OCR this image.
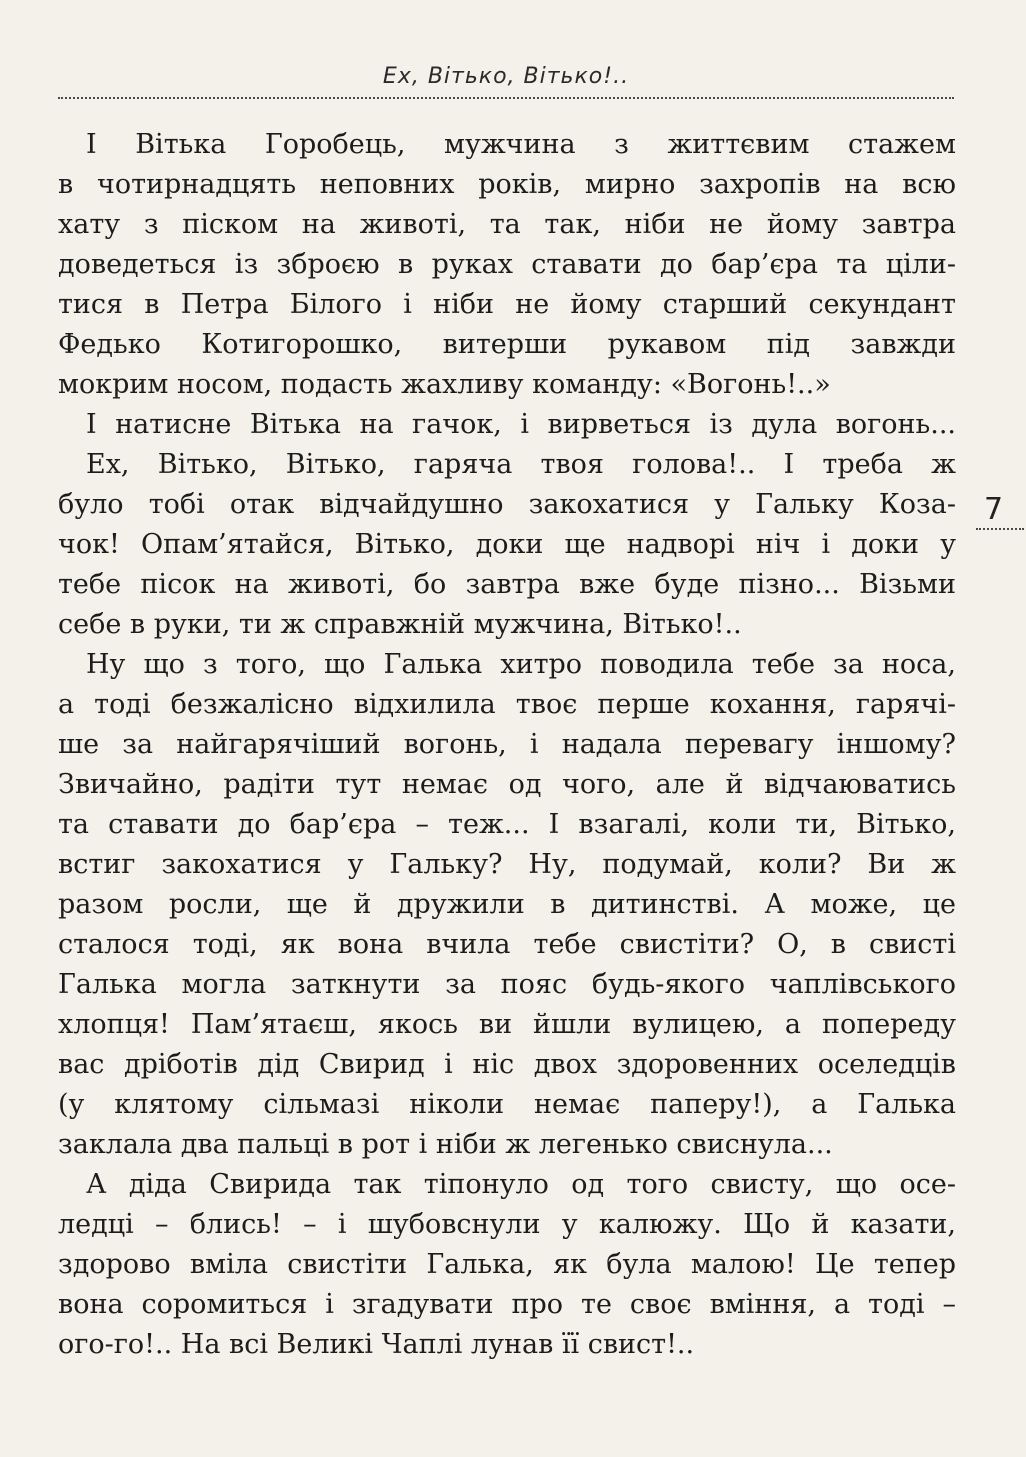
Ех, Вітько, Вітько!..
І Вітька Горобець, мужчина з життєвим стажем
в чотирнадцять неповних років, мирно захропів на всю
хату з піском на животі, та так, ніби не йому завтра
доведеться із зброєю в руках ставати до бар’єра та ціли-
тися в Петра Білого і ніби не йому старший секундант
Федько Котигорошко, витерши рукавом під завжди
мокрим носом, подасть жахливу команду: «Вогонь!..»
І натисне Вітька на гачок, і вирветься із дула вогонь...
Ех, Вітько, Вітько, гаряча твоя голова!.. І треба ж
було тобі отак відчайдушно закохатися у Гальку Коза-
чок! Опам’ятайся, Вітько, доки ще надворі ніч і доки у
тебе пісок на животі, бо завтра вже буде пізно... Візьми
себе в руки, ти ж справжній мужчина, Вітько!..
Ну що з того, що Галька хитро поводила тебе за носа,
а тоді безжалісно відхилила твоє перше кохання, гарячі-
ше за найгарячіший вогонь, і надала перевагу іншому?
Звичайно, радіти тут немає од чого, але й відчаюватись
та ставати до бар’єра – теж... І взагалі, коли ти, Вітько,
встиг закохатися у Гальку? Ну, подумай, коли? Ви ж
разом росли, ще й дружили в дитинстві. А може, це
сталося тоді, як вона вчила тебе свистіти? О, в свисті
Галька могла заткнути за пояс будь-якого чаплівського
хлопця! Пам’ятаєш, якось ви йшли вулицею, а попереду
вас дріботів дід Свирид і ніс двох здоровенних оселедців
(у клятому сільмазі ніколи немає паперу!), а Галька
заклала два пальці в рот і ніби ж легенько свиснула...
А діда Свирида так тіпонуло од того свисту, що осе-
ледці – блись! – і шубовснули у калюжу. Що й казати,
здорово вміла свистіти Галька, як була малою! Це тепер
вона соромиться і згадувати про те своє вміння, а тоді –
ого-го!.. На всі Великі Чаплі лунав її свист!..
7
